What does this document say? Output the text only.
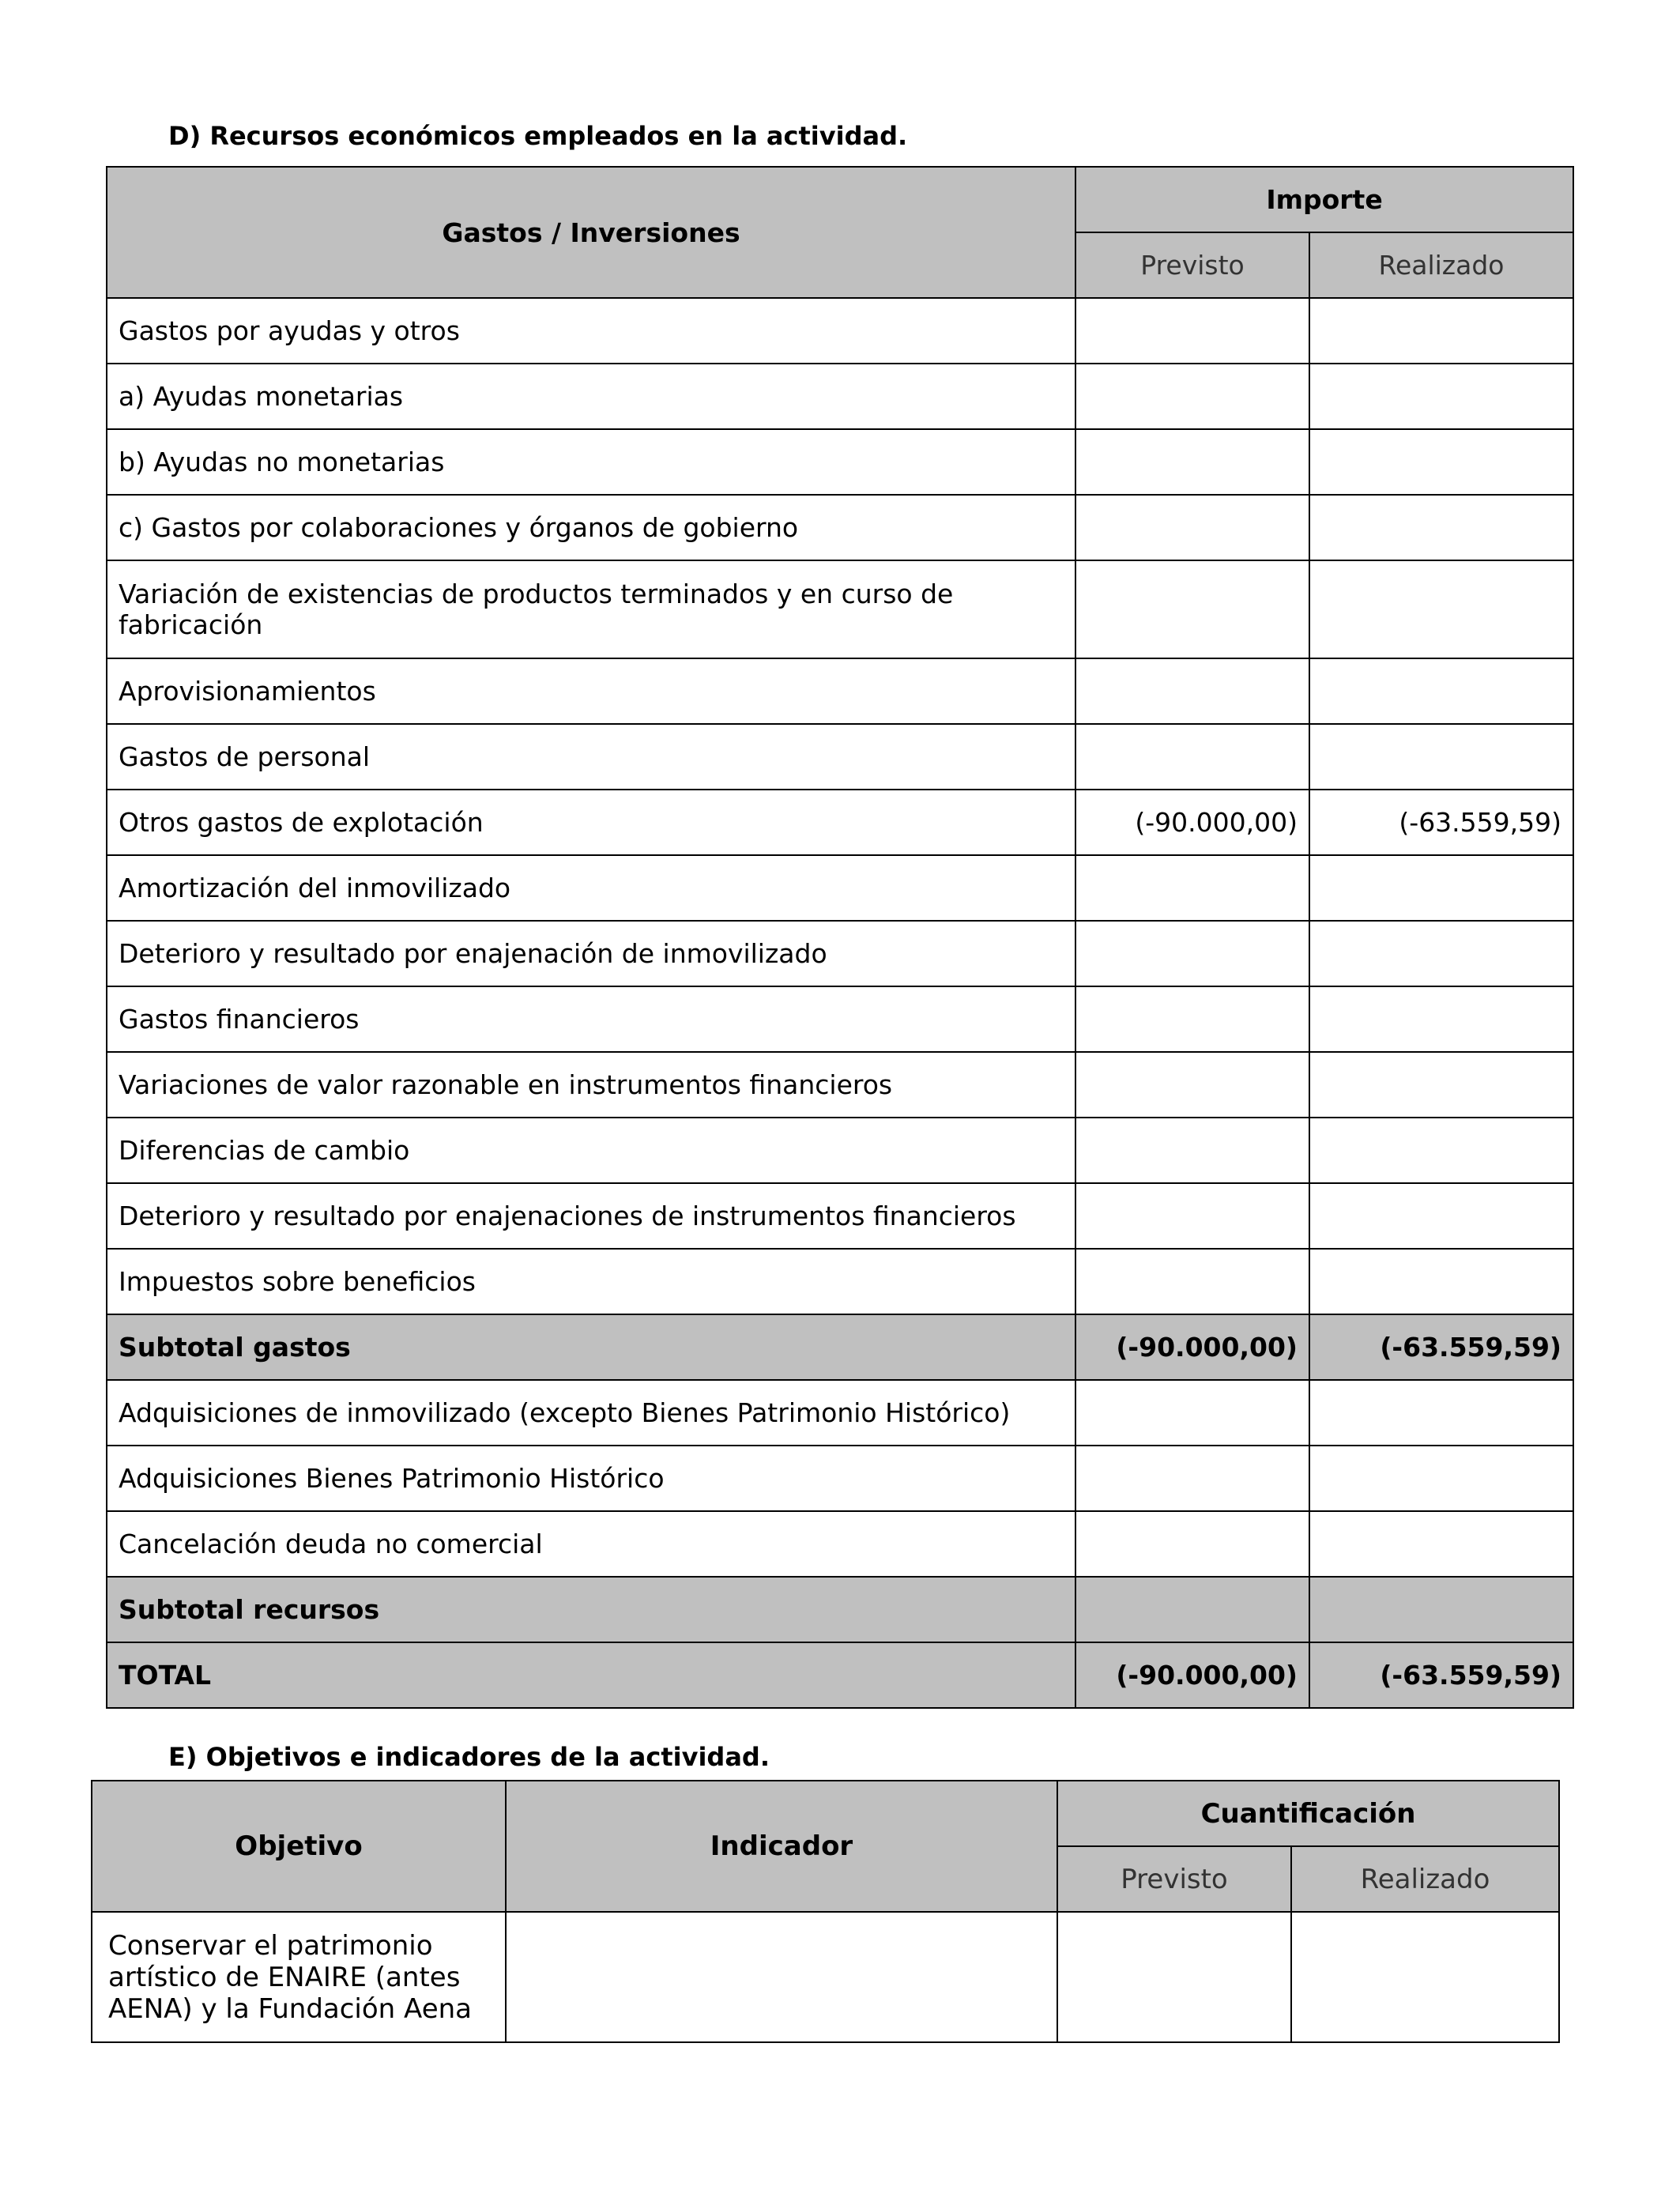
D) Recursos económicos empleados en la actividad.

Gastos / Inversiones	Importe	
	Previsto	Realizado
Gastos por ayudas y otros		
a) Ayudas monetarias		
b) Ayudas no monetarias		
c) Gastos por colaboraciones y órganos de gobierno		
Variación de existencias de productos terminados y en curso de fabricación		
Aprovisionamientos		
Gastos de personal		
Otros gastos de explotación	(-90.000,00)	(-63.559,59)
Amortización del inmovilizado		
Deterioro y resultado por enajenación de inmovilizado		
Gastos financieros		
Variaciones de valor razonable en instrumentos financieros		
Diferencias de cambio		
Deterioro y resultado por enajenaciones de instrumentos financieros		
Impuestos sobre beneficios		
Subtotal gastos	(-90.000,00)	(-63.559,59)
Adquisiciones de inmovilizado (excepto Bienes Patrimonio Histórico)		
Adquisiciones Bienes Patrimonio Histórico		
Cancelación deuda no comercial		
Subtotal recursos		
TOTAL	(-90.000,00)	(-63.559,59)

E) Objetivos e indicadores de la actividad.

Objetivo	Indicador	Cuantificación	
		Previsto	Realizado
Conservar el patrimonio artístico de ENAIRE (antes AENA) y la Fundación Aena			
